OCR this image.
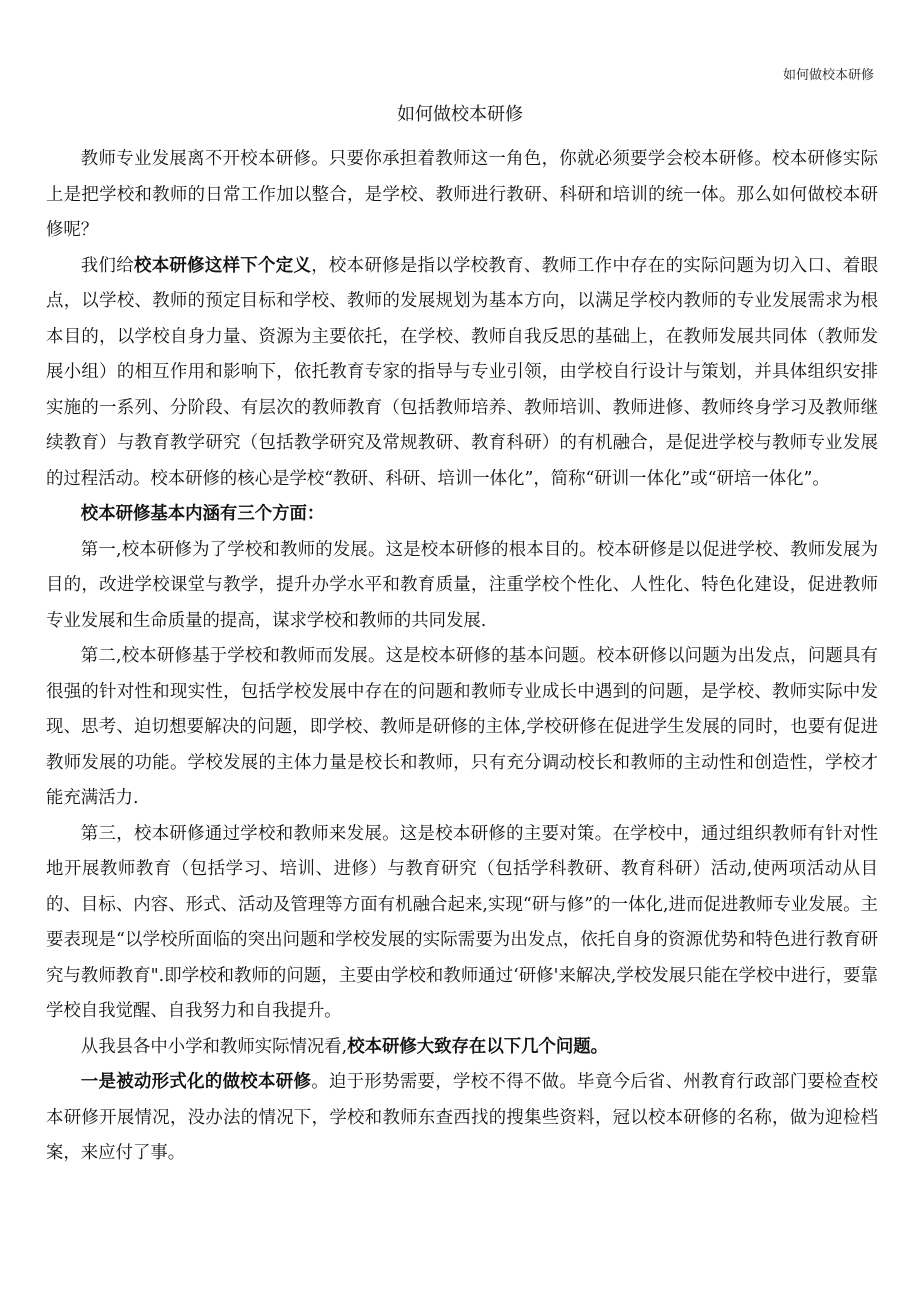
如何做校本研修
如何做校本研修

教师专业发展离不开校本研修。只要你承担着教师这一角色，你就必须要学会校本研修。校本研修实际上是把学校和教师的日常工作加以整合，是学校、教师进行教研、科研和培训的统一体。那么如何做校本研修呢？

我们给校本研修这样下个定义，校本研修是指以学校教育、教师工作中存在的实际问题为切入口、着眼点，以学校、教师的预定目标和学校、教师的发展规划为基本方向，以满足学校内教师的专业发展需求为根本目的，以学校自身力量、资源为主要依托，在学校、教师自我反思的基础上，在教师发展共同体（教师发展小组）的相互作用和影响下，依托教育专家的指导与专业引领，由学校自行设计与策划，并具体组织安排实施的一系列、分阶段、有层次的教师教育（包括教师培养、教师培训、教师进修、教师终身学习及教师继续教育）与教育教学研究（包括教学研究及常规教研、教育科研）的有机融合，是促进学校与教师专业发展的过程活动。校本研修的核心是学校“教研、科研、培训一体化”，简称“研训一体化”或“研培一体化”。

校本研修基本内涵有三个方面：

第一,校本研修为了学校和教师的发展。这是校本研修的根本目的。校本研修是以促进学校、教师发展为目的，改进学校课堂与教学，提升办学水平和教育质量，注重学校个性化、人性化、特色化建设，促进教师专业发展和生命质量的提高，谋求学校和教师的共同发展.

第二,校本研修基于学校和教师而发展。这是校本研修的基本问题。校本研修以问题为出发点，问题具有很强的针对性和现实性，包括学校发展中存在的问题和教师专业成长中遇到的问题，是学校、教师实际中发现、思考、迫切想要解决的问题，即学校、教师是研修的主体,学校研修在促进学生发展的同时，也要有促进教师发展的功能。学校发展的主体力量是校长和教师，只有充分调动校长和教师的主动性和创造性，学校才能充满活力.

第三，校本研修通过学校和教师来发展。这是校本研修的主要对策。在学校中，通过组织教师有针对性地开展教师教育（包括学习、培训、进修）与教育研究（包括学科教研、教育科研）活动,使两项活动从目的、目标、内容、形式、活动及管理等方面有机融合起来,实现“研与修”的一体化,进而促进教师专业发展。主要表现是“以学校所面临的突出问题和学校发展的实际需要为出发点，依托自身的资源优势和特色进行教育研究与教师教育".即学校和教师的问题，主要由学校和教师通过‘研修'来解决,学校发展只能在学校中进行，要靠学校自我觉醒、自我努力和自我提升。

从我县各中小学和教师实际情况看,校本研修大致存在以下几个问题。

一是被动形式化的做校本研修。迫于形势需要，学校不得不做。毕竟今后省、州教育行政部门要检查校本研修开展情况，没办法的情况下，学校和教师东查西找的搜集些资料，冠以校本研修的名称，做为迎检档案，来应付了事。
